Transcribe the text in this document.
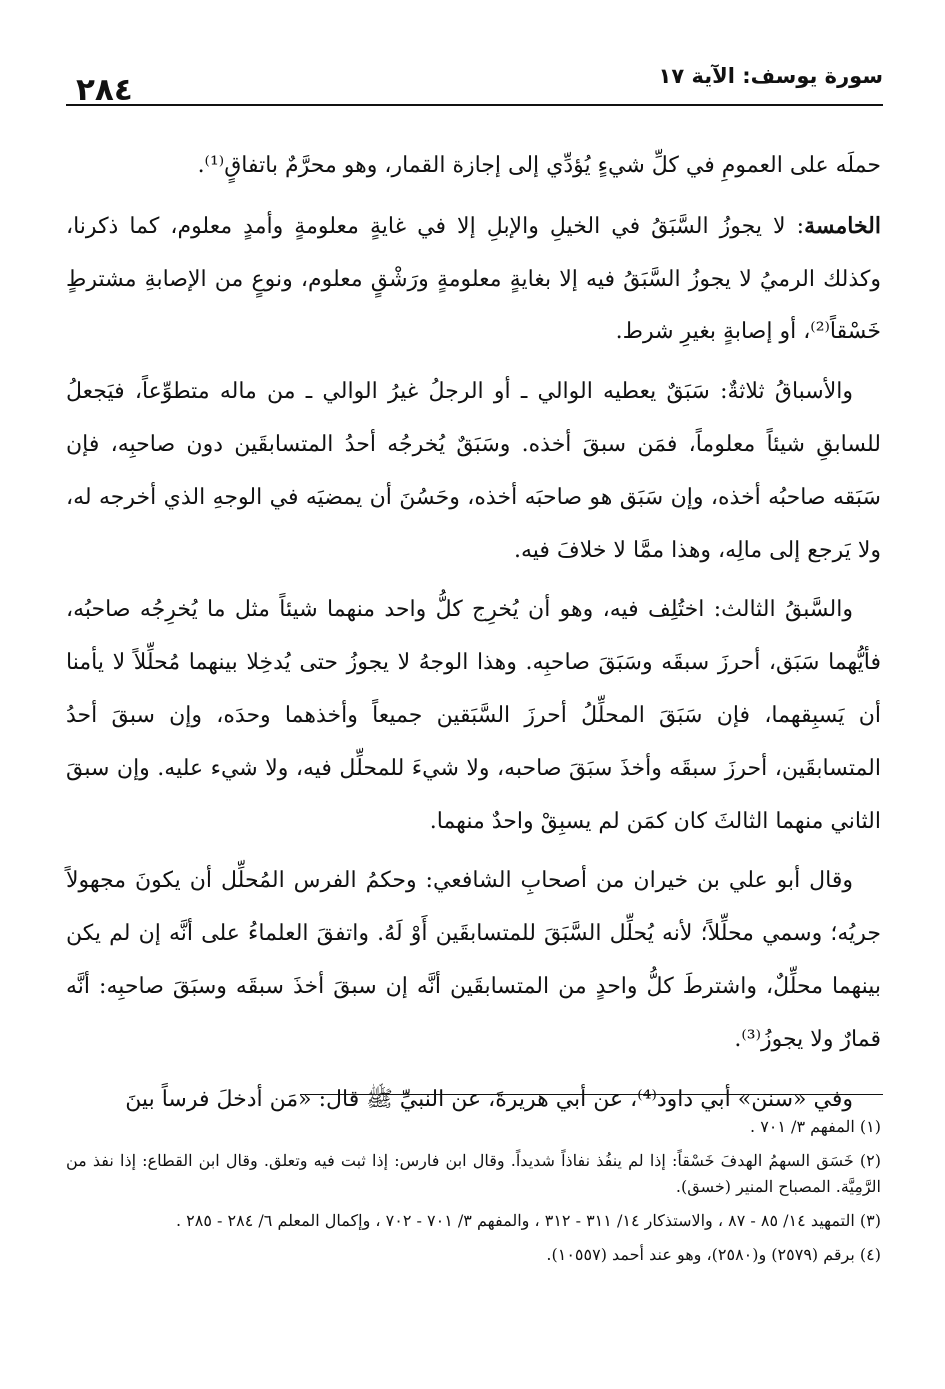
سورة يوسف: الآية ١٧
٢٨٤

حملَه على العمومِ في كلِّ شيءٍ يُؤدِّي إلى إجازة القمار، وهو محرَّمٌ باتفاقٍ⁽¹⁾.

الخامسة: لا يجوزُ السَّبَقُ في الخيلِ والإبلِ إلا في غايةٍ معلومةٍ وأمدٍ معلوم، كما ذكرنا، وكذلك الرميُ لا يجوزُ السَّبَقُ فيه إلا بغايةٍ معلومةٍ ورَشْقٍ معلوم، ونوعٍ من الإصابةِ مشترطٍ خَسْقاً⁽²⁾، أو إصابةٍ بغيرِ شرط.

والأسباقُ ثلاثةٌ: سَبَقٌ يعطيه الوالي ـ أو الرجلُ غيرُ الوالي ـ من ماله متطوِّعاً، فيَجعلُ للسابقِ شيئاً معلوماً، فمَن سبقَ أخذه. وسَبَقٌ يُخرجُه أحدُ المتسابقَين دون صاحبِه، فإن سَبَقه صاحبُه أخذه، وإن سَبَق هو صاحبَه أخذه، وحَسُنَ أن يمضيَه في الوجهِ الذي أخرجه له، ولا يَرجع إلى مالِه، وهذا ممَّا لا خلافَ فيه.

والسَّبقُ الثالث: اختُلِف فيه، وهو أن يُخرِج كلُّ واحد منهما شيئاً مثل ما يُخرِجُه صاحبُه، فأيُّهما سَبَق، أحرزَ سبقَه وسَبَقَ صاحبِه. وهذا الوجهُ لا يجوزُ حتى يُدخِلا بينهما مُحلِّلاً لا يأمنا أن يَسبِقهما، فإن سَبَقَ المحلِّلُ أحرزَ السَّبَقين جميعاً وأخذهما وحدَه، وإن سبقَ أحدُ المتسابقَين، أحرزَ سبقَه وأخذَ سبَقَ صاحبه، ولا شيءَ للمحلِّل فيه، ولا شيء عليه. وإن سبقَ الثاني منهما الثالثَ كان كمَن لم يسبِقْ واحدٌ منهما.

وقال أبو علي بن خيران من أصحابِ الشافعي: وحكمُ الفرس المُحلِّل أن يكونَ مجهولاً جريُه؛ وسمي محلِّلاً؛ لأنه يُحلِّل السَّبَقَ للمتسابقَين أَوْ لَهُ. واتفقَ العلماءُ على أنَّه إن لم يكن بينهما محلِّلٌ، واشترطَ كلُّ واحدٍ من المتسابقَين أنَّه إن سبقَ أخذَ سبقَه وسبَقَ صاحبِه: أنَّه قمارٌ ولا يجوزُ⁽³⁾.

وفي «سنن» أبي داود⁽⁴⁾، عن أبي هريرةَ، عن النبيِّ ﷺ قال: «مَن أدخلَ فرساً بينَ

(١) المفهم ٣/ ٧٠١ .

(٢) خَسَق السهمُ الهدفَ خَسْقاً: إذا لم ينفُذ نفاذاً شديداً. وقال ابن فارس: إذا ثبت فيه وتعلق. وقال ابن القطاع: إذا نفذ من الرَّمِيَّة. المصباح المنير (خسق).

(٣) التمهيد ١٤/ ٨٥ - ٨٧ ، والاستذكار ١٤/ ٣١١ - ٣١٢ ، والمفهم ٣/ ٧٠١ - ٧٠٢ ، وإكمال المعلم ٦/ ٢٨٤ - ٢٨٥ .

(٤) برقم (٢٥٧٩) و(٢٥٨٠)، وهو عند أحمد (١٠٥٥٧).
